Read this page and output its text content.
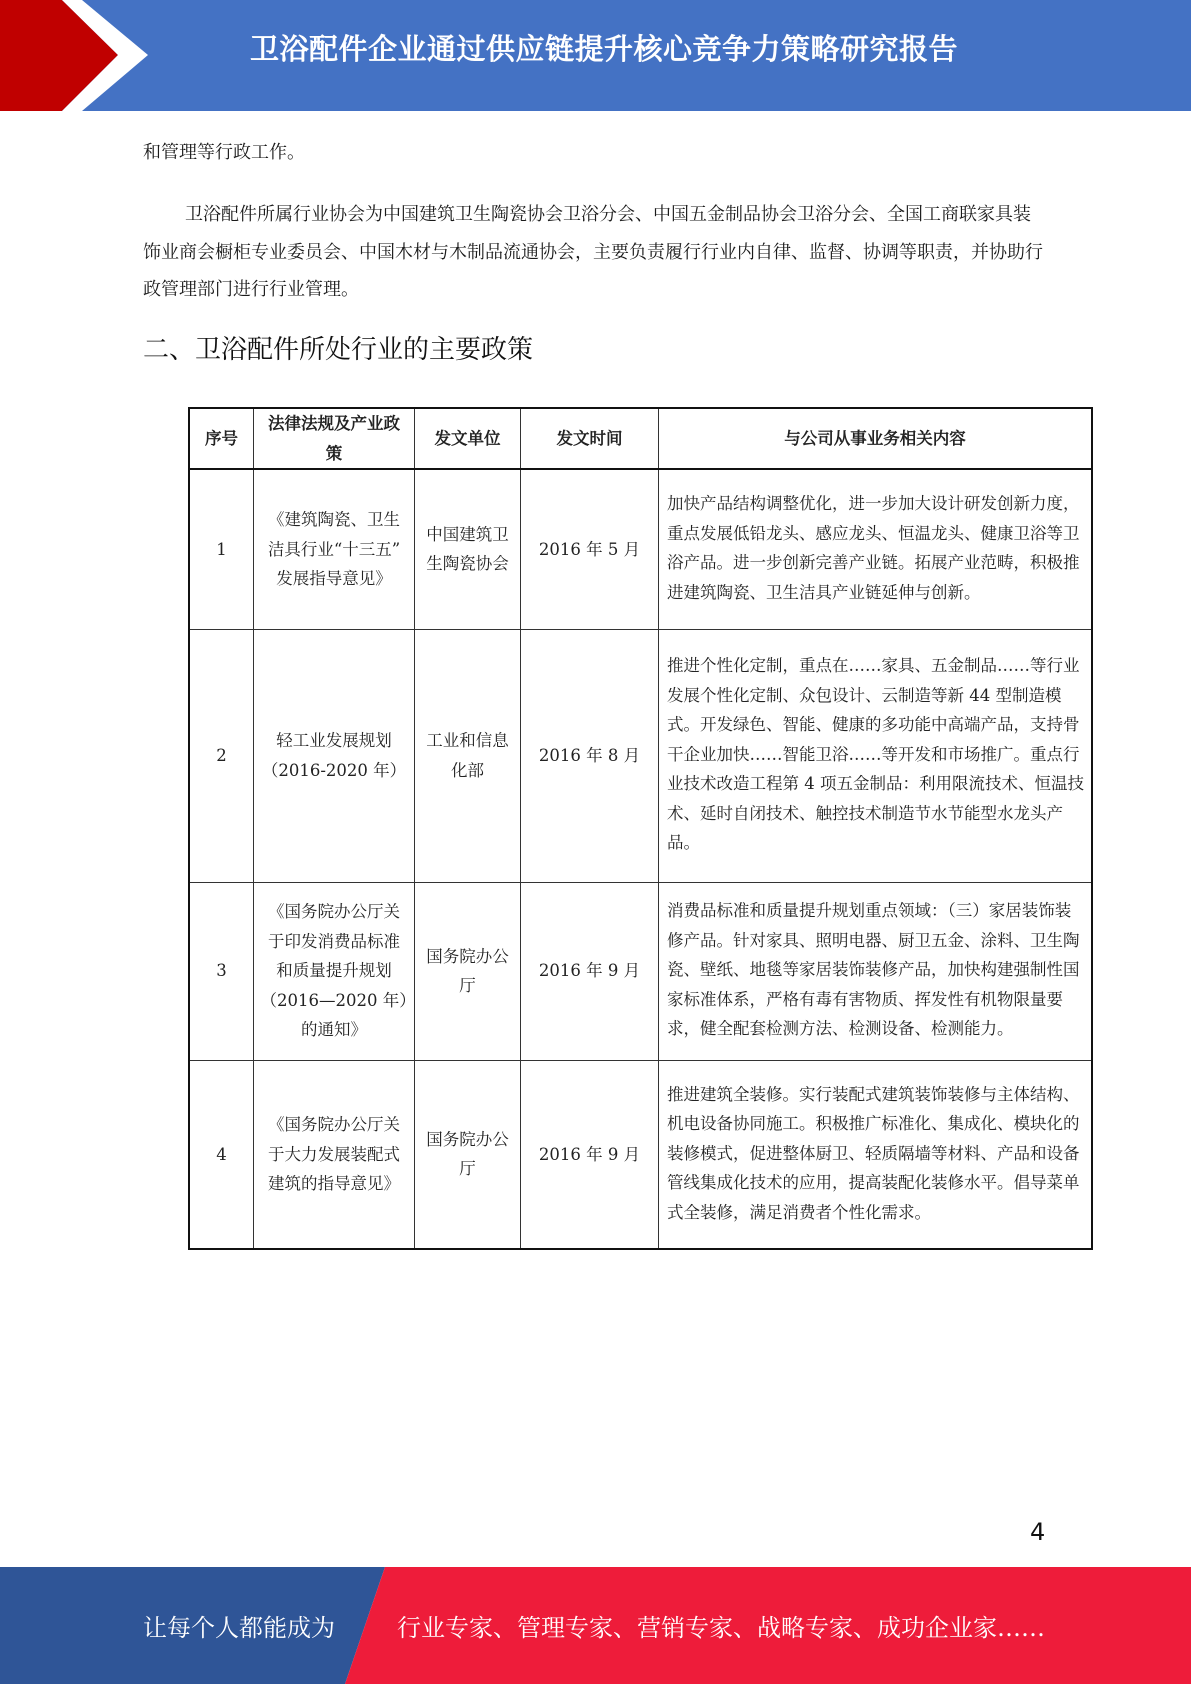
卫浴配件企业通过供应链提升核心竞争力策略研究报告

和管理等行政工作。

卫浴配件所属行业协会为中国建筑卫生陶瓷协会卫浴分会、中国五金制品协会卫浴分会、全国工商联家具装饰业商会橱柜专业委员会、中国木材与木制品流通协会，主要负责履行行业内自律、监督、协调等职责，并协助行政管理部门进行行业管理。

二、卫浴配件所处行业的主要政策
序号	法律法规及产业政策	发文单位	发文时间	与公司从事业务相关内容
1	《建筑陶瓷、卫生洁具行业“十三五” 发展指导意见》	中国建筑卫生陶瓷协会	2016 年 5 月	加快产品结构调整优化，进一步加大设计研发创新力度，重点发展低铅龙头、感应龙头、恒温龙头、健康卫浴等卫浴产品。进一步创新完善产业链。拓展产业范畴，积极推进建筑陶瓷、卫生洁具产业链延伸与创新。
2	轻工业发展规划（2016-2020 年）	工业和信息化部	2016 年 8 月	推进个性化定制，重点在……家具、五金制品……等行业发展个性化定制、众包设计、云制造等新 44 型制造模式。开发绿色、智能、健康的多功能中高端产品，支持骨干企业加快……智能卫浴……等开发和市场推广。重点行业技术改造工程第 4 项五金制品：利用限流技术、恒温技术、延时自闭技术、触控技术制造节水节能型水龙头产品。
3	《国务院办公厅关于印发消费品标准和质量提升规划 （2016—2020 年）的通知》	国务院办公厅	2016 年 9 月	消费品标准和质量提升规划重点领域：（三）家居装饰装修产品。针对家具、照明电器、厨卫五金、涂料、卫生陶瓷、壁纸、地毯等家居装饰装修产品，加快构建强制性国家标准体系，严格有毒有害物质、挥发性有机物限量要求，健全配套检测方法、检测设备、检测能力。
4	《国务院办公厅关于大力发展装配式建筑的指导意见》	国务院办公厅	2016 年 9 月	推进建筑全装修。实行装配式建筑装饰装修与主体结构、机电设备协同施工。积极推广标准化、集成化、模块化的装修模式，促进整体厨卫、轻质隔墙等材料、产品和设备管线集成化技术的应用，提高装配化装修水平。倡导菜单式全装修，满足消费者个性化需求。
4
让每个人都能成为	行业专家、管理专家、营销专家、战略专家、成功企业家……
